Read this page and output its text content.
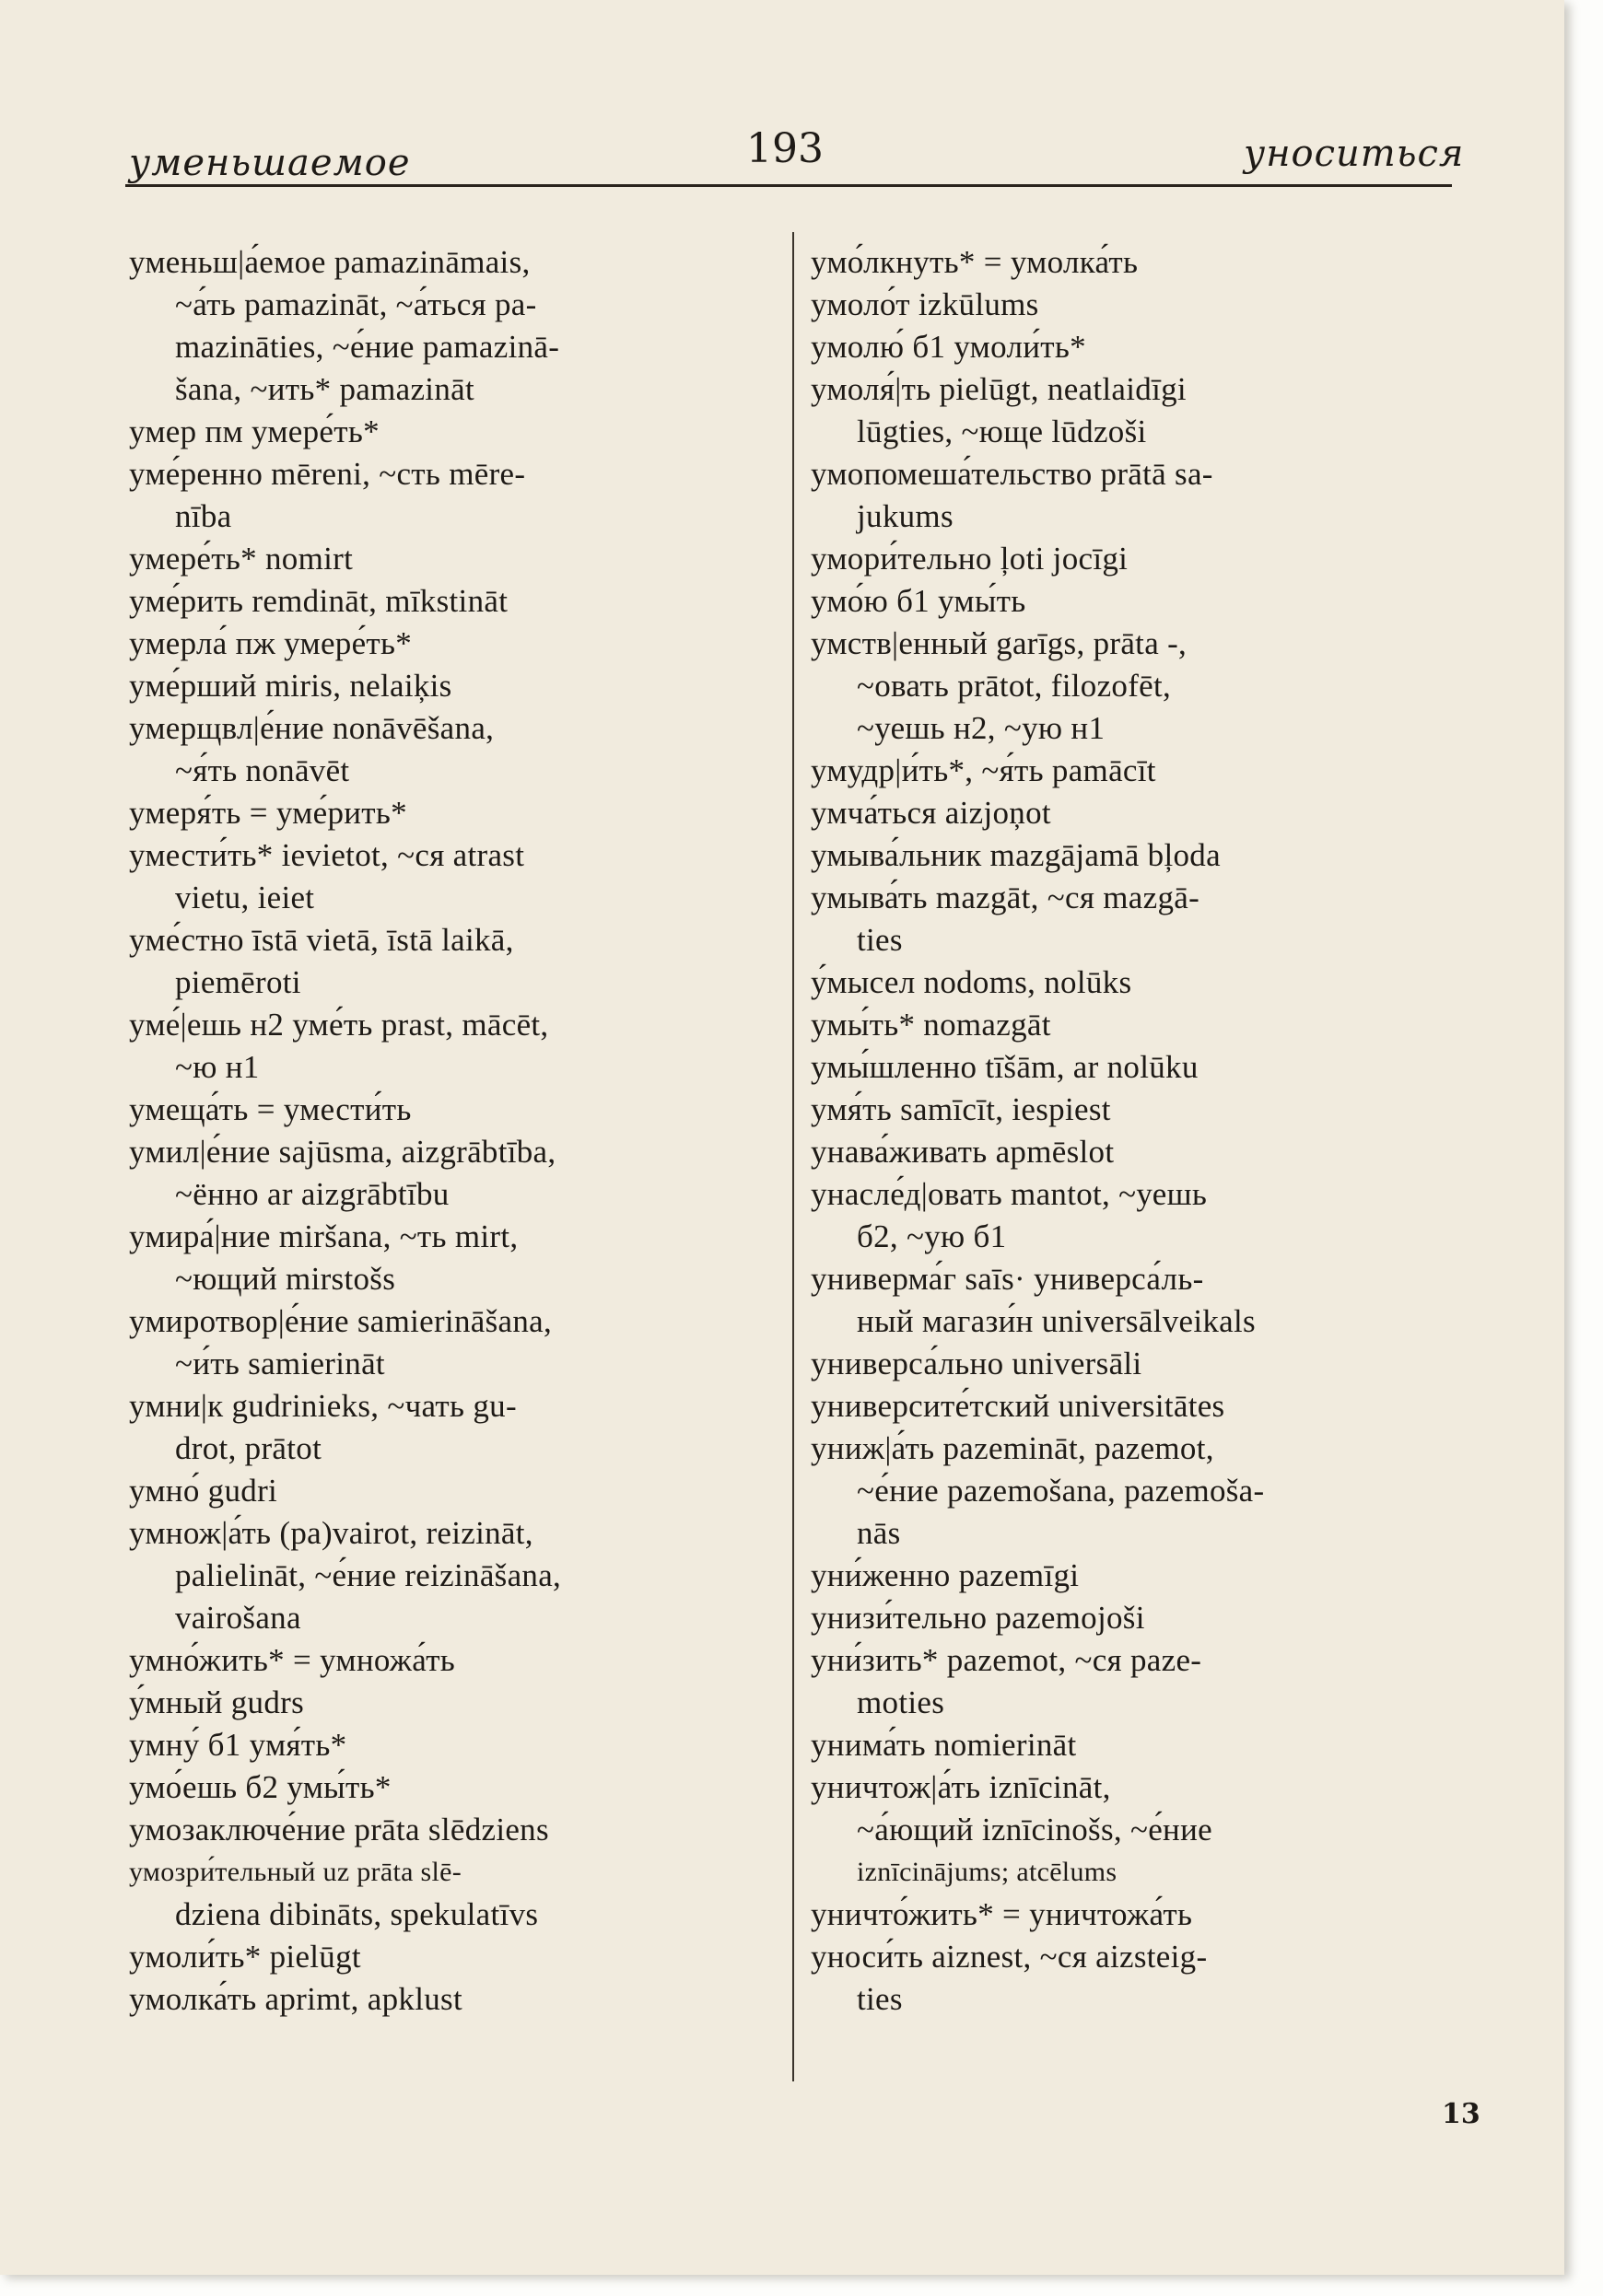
уменьшаемое	193	уноситься
уменьш|а́емое pamazināmais,
~а́ть pamazināt, ~а́ться pa-
mazināties, ~е́ние pamazinā-
šana, ~ить* pamazināt
умер пм умере́ть*
уме́ренно mēreni, ~сть mēre-
nība
умере́ть* nomirt
уме́рить remdināt, mīkstināt
умерла́ пж умере́ть*
уме́рший miris, nelaiķis
умерщвл|е́ние nonāvēšana,
~я́ть nonāvēt
умеря́ть = уме́рить*
умести́ть* ievietot, ~ся atrast
vietu, ieiet
уме́стно īstā vietā, īstā laikā,
piemēroti
уме́|ешь н2 уме́ть prast, mācēt,
~ю н1
умеща́ть = умести́ть
умил|е́ние sajūsma, aizgrābtība,
~ённо ar aizgrābtību
умира́|ние miršana, ~ть mirt,
~ющий mirstošs
умиротвор|е́ние samierināšana,
~и́ть samierināt
умни|к gudrinieks, ~чать gu-
drot, prātot
умно́ gudri
умнож|а́ть (pa)vairot, reizināt,
palielināt, ~е́ние reizināšana,
vairošana
умно́жить* = умножа́ть
у́мный gudrs
умну́ б1 умя́ть*
умо́ешь б2 умы́ть*
умозаключе́ние prāta slēdziens
умозри́тельный uz prāta slē-
dziena dibināts, spekulatīvs
умоли́ть* pielūgt
умолка́ть aprimt, apklust
умо́лкнуть* = умолка́ть
умоло́т izkūlums
умолю́ б1 умоли́ть*
умоля́|ть pielūgt, neatlaidīgi
lūgties, ~юще lūdzoši
умопомеша́тельство prātā sa-
jukums
умори́тельно ļoti jocīgi
умо́ю б1 умы́ть
умств|енный garīgs, prāta -,
~овать prātot, filozofēt,
~уешь н2, ~ую н1
умудр|и́ть*, ~я́ть pamācīt
умча́ться aizjoņot
умыва́льник mazgājamā bļoda
умыва́ть mazgāt, ~ся mazgā-
ties
у́мысел nodoms, nolūks
умы́ть* nomazgāt
умы́шленно tīšām, ar nolūku
умя́ть samīcīt, iespiest
унава́живать apmēslot
унасле́д|овать mantot, ~уешь
б2, ~ую б1
универма́г saīs· универса́ль-
ный магази́н universālveikals
универса́льно universāli
университе́тский universitātes
униж|а́ть pazemināt, pazemot,
~е́ние pazemošana, pazemoša-
nās
уни́женно pazemīgi
унизи́тельно pazemojoši
уни́зить* pazemot, ~ся paze-
moties
унима́ть nomierināt
уничтож|а́ть iznīcināt,
~а́ющий iznīcinošs, ~е́ние
iznīcinājums; atcēlums
уничто́жить* = уничтожа́ть
уноси́ть aiznest, ~ся aizsteig-
ties
13
